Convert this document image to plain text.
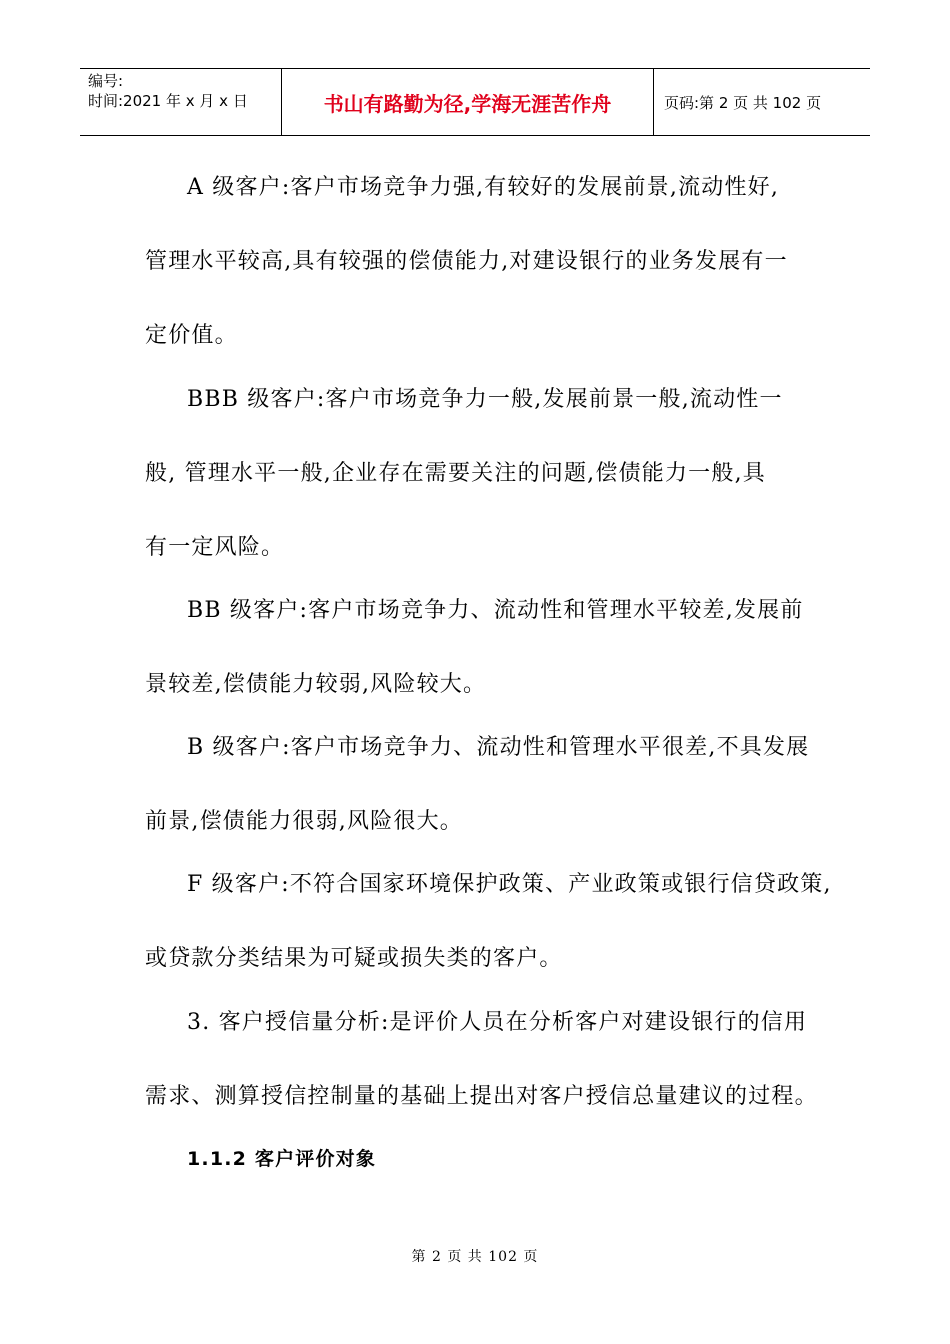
编号:
时间:2021 年 x 月 x 日	书山有路勤为径,学海无涯苦作舟	页码:第 2 页 共 102 页
A 级客户:客户市场竞争力强,有较好的发展前景,流动性好,
管理水平较高,具有较强的偿债能力,对建设银行的业务发展有一
定价值。
BBB 级客户:客户市场竞争力一般,发展前景一般,流动性一
般, 管理水平一般,企业存在需要关注的问题,偿债能力一般,具
有一定风险。
BB 级客户:客户市场竞争力、流动性和管理水平较差,发展前
景较差,偿债能力较弱,风险较大。
B 级客户:客户市场竞争力、流动性和管理水平很差,不具发展
前景,偿债能力很弱,风险很大。
F 级客户:不符合国家环境保护政策、产业政策或银行信贷政策,
或贷款分类结果为可疑或损失类的客户。
3. 客户授信量分析:是评价人员在分析客户对建设银行的信用
需求、测算授信控制量的基础上提出对客户授信总量建议的过程。
1.1.2 客户评价对象
第 2 页 共 102 页
